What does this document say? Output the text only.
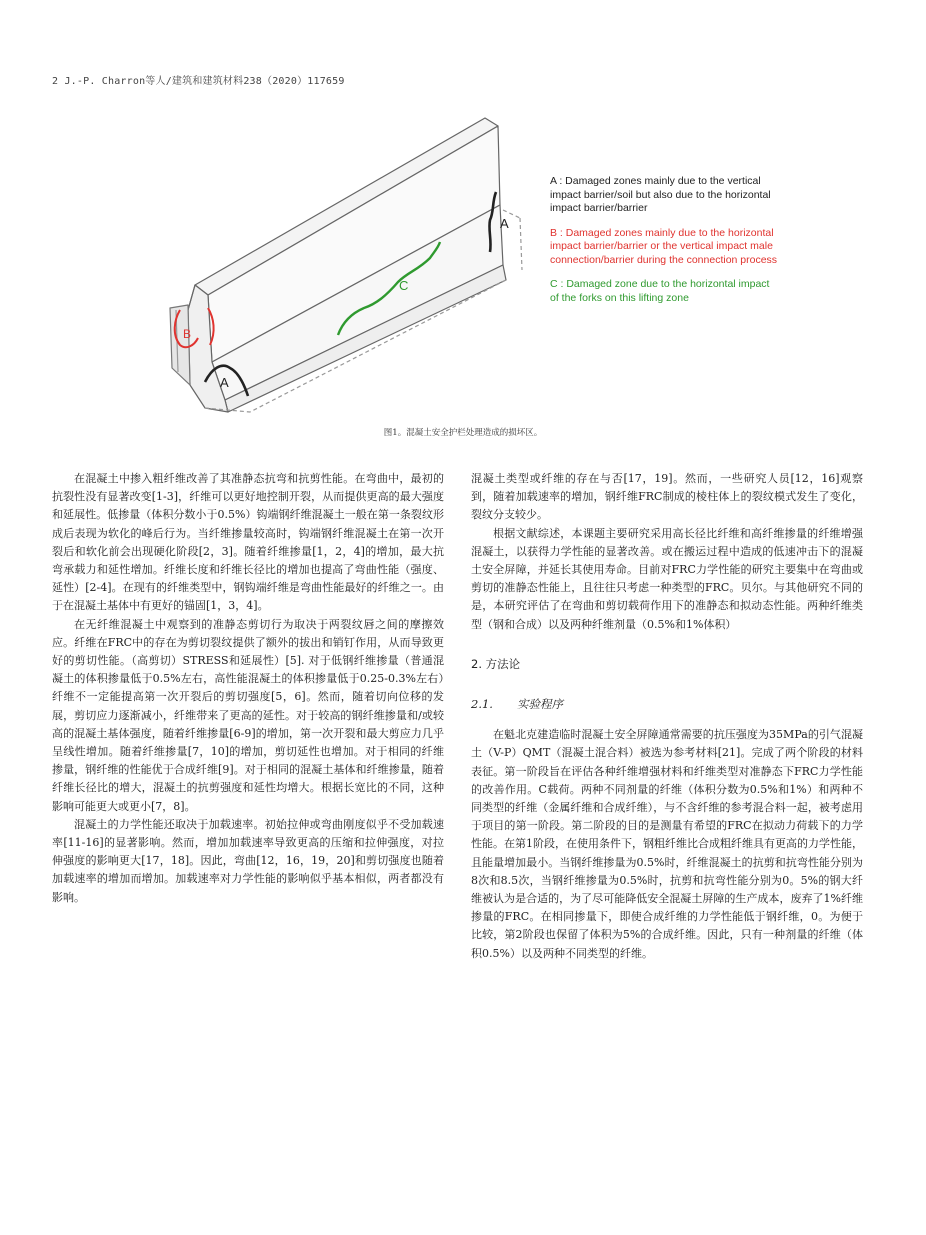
2 J.-P. Charron等人/建筑和建筑材料238（2020）117659
A
A
B
C
A : Damaged zones mainly due to the vertical impact barrier/soil but also due to the horizontal impact barrier/barrier
B : Damaged zones mainly due to the horizontal impact barrier/barrier or the vertical impact male connection/barrier during the connection process
C : Damaged zone due to the horizontal impact of the forks on this lifting zone
图1。混凝土安全护栏处理造成的损坏区。

在混凝土中掺入粗纤维改善了其准静态抗弯和抗剪性能。在弯曲中，最初的抗裂性没有显著改变[1-3]，纤维可以更好地控制开裂，从而提供更高的最大强度和延展性。低掺量（体积分数小于0.5%）钩端钢纤维混凝土一般在第一条裂纹形成后表现为软化的峰后行为。当纤维掺量较高时，钩端钢纤维混凝土在第一次开裂后和软化前会出现硬化阶段[2，3]。随着纤维掺量[1，2，4]的增加，最大抗弯承载力和延性增加。纤维长度和纤维长径比的增加也提高了弯曲性能（强度、延性）[2-4]。在现有的纤维类型中，钢钩端纤维是弯曲性能最好的纤维之一。由于在混凝土基体中有更好的锚固[1，3，4]。

在无纤维混凝土中观察到的准静态剪切行为取决于两裂纹唇之间的摩擦效应。纤维在FRC中的存在为剪切裂纹提供了额外的拔出和销钉作用，从而导致更好的剪切性能。（高剪切）STRESS和延展性）[5]. 对于低钢纤维掺量（普通混凝土的体积掺量低于0.5%左右，高性能混凝土的体积掺量低于0.25-0.3%左右）纤维不一定能提高第一次开裂后的剪切强度[5，6]。然而，随着切向位移的发展，剪切应力逐渐减小，纤维带来了更高的延性。对于较高的钢纤维掺量和/或较高的混凝土基体强度，随着纤维掺量[6-9]的增加，第一次开裂和最大剪应力几乎呈线性增加。随着纤维掺量[7，10]的增加，剪切延性也增加。对于相同的纤维掺量，钢纤维的性能优于合成纤维[9]。对于相同的混凝土基体和纤维掺量，随着纤维长径比的增大，混凝土的抗剪强度和延性均增大。根据长宽比的不同，这种影响可能更大或更小[7，8]。

混凝土的力学性能还取决于加载速率。初始拉伸或弯曲刚度似乎不受加载速率[11-16]的显著影响。然而，增加加载速率导致更高的压缩和拉伸强度，对拉伸强度的影响更大[17，18]。因此，弯曲[12，16，19，20]和剪切强度也随着加载速率的增加而增加。加载速率对力学性能的影响似乎基本相似，两者都没有影响。

混凝土类型或纤维的存在与否[17，19]。然而，一些研究人员[12，16]观察到，随着加载速率的增加，钢纤维FRC制成的棱柱体上的裂纹模式发生了变化，裂纹分支较少。

根据文献综述，本课题主要研究采用高长径比纤维和高纤维掺量的纤维增强混凝土，以获得力学性能的显著改善。或在搬运过程中造成的低速冲击下的混凝土安全屏障，并延长其使用寿命。目前对FRC力学性能的研究主要集中在弯曲或剪切的准静态性能上，且往往只考虑一种类型的FRC。贝尔。与其他研究不同的是，本研究评估了在弯曲和剪切载荷作用下的准静态和拟动态性能。两种纤维类型（钢和合成）以及两种纤维剂量（0.5%和1%体积）

2. 方法论
2.1. 实验程序

在魁北克建造临时混凝土安全屏障通常需要的抗压强度为35MPa的引气混凝土（V-P）QMT（混凝土混合料）被选为参考材料[21]。完成了两个阶段的材料表征。第一阶段旨在评估各种纤维增强材料和纤维类型对准静态下FRC力学性能的改善作用。C载荷。两种不同剂量的纤维（体积分数为0.5%和1%）和两种不同类型的纤维（金属纤维和合成纤维），与不含纤维的参考混合料一起，被考虑用于项目的第一阶段。第二阶段的目的是测量有希望的FRC在拟动力荷载下的力学性能。在第1阶段，在使用条件下，钢粗纤维比合成粗纤维具有更高的力学性能，且能量增加最小。当钢纤维掺量为0.5%时，纤维混凝土的抗剪和抗弯性能分别为8次和8.5次，当钢纤维掺量为0.5%时，抗剪和抗弯性能分别为0。5%的钢大纤维被认为是合适的，为了尽可能降低安全混凝土屏障的生产成本，废弃了1%纤维掺量的FRC。在相同掺量下，即使合成纤维的力学性能低于钢纤维，0。为便于比较，第2阶段也保留了体积为5%的合成纤维。因此，只有一种剂量的纤维（体积0.5%）以及两种不同类型的纤维。
